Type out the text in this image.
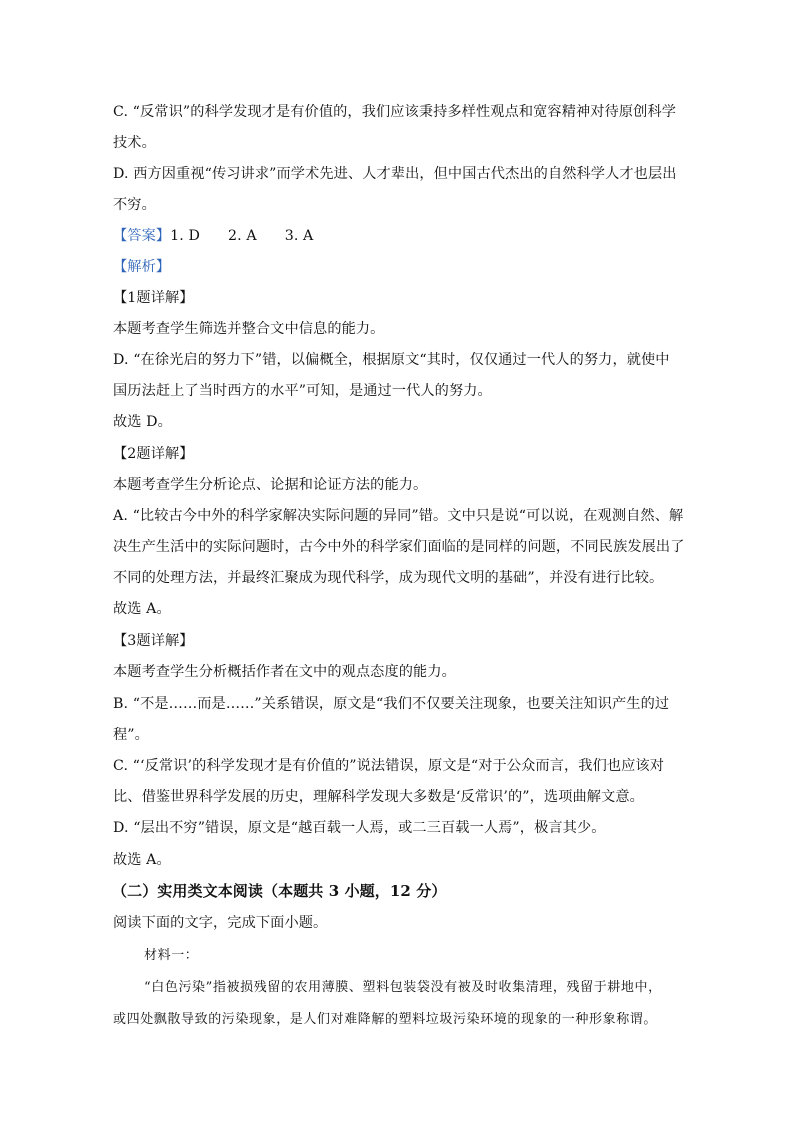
C. “反常识”的科学发现才是有价值的，我们应该秉持多样性观点和宽容精神对待原创科学
技术。
D. 西方因重视“传习讲求”而学术先进、人才辈出，但中国古代杰出的自然科学人才也层出
不穷。
【答案】1. D 2. A 3. A
【解析】
【1题详解】
本题考查学生筛选并整合文中信息的能力。
D. “在徐光启的努力下”错，以偏概全，根据原文“其时，仅仅通过一代人的努力，就使中
国历法赶上了当时西方的水平”可知，是通过一代人的努力。
故选 D。
【2题详解】
本题考查学生分析论点、论据和论证方法的能力。
A. “比较古今中外的科学家解决实际问题的异同”错。文中只是说“可以说，在观测自然、解
决生产生活中的实际问题时，古今中外的科学家们面临的是同样的问题，不同民族发展出了
不同的处理方法，并最终汇聚成为现代科学，成为现代文明的基础”，并没有进行比较。
故选 A。
【3题详解】
本题考查学生分析概括作者在文中的观点态度的能力。
B. “不是……而是……”关系错误，原文是“我们不仅要关注现象，也要关注知识产生的过
程”。
C. “‘反常识’的科学发现才是有价值的”说法错误，原文是“对于公众而言，我们也应该对
比、借鉴世界科学发展的历史，理解科学发现大多数是‘反常识’的”，选项曲解文意。
D. “层出不穷”错误，原文是“越百载一人焉，或二三百载一人焉”，极言其少。
故选 A。
（二）实用类文本阅读（本题共 3 小题，12 分）
阅读下面的文字，完成下面小题。
材料一：
“白色污染”指被损残留的农用薄膜、塑料包装袋没有被及时收集清理，残留于耕地中，
或四处飘散导致的污染现象，是人们对难降解的塑料垃圾污染环境的现象的一种形象称谓。
